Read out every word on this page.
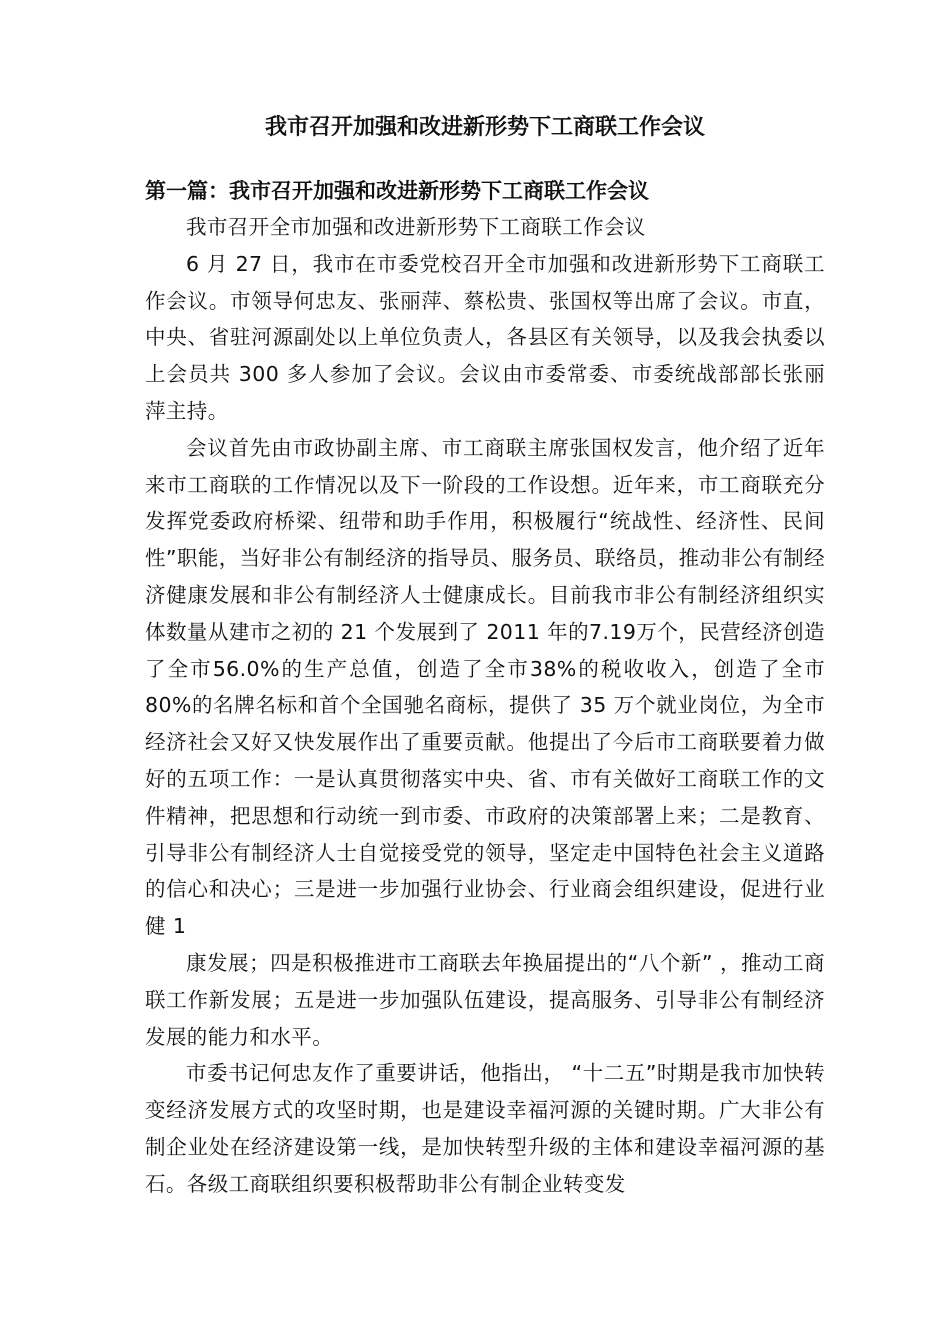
我市召开加强和改进新形势下工商联工作会议
第一篇：我市召开加强和改进新形势下工商联工作会议

我市召开全市加强和改进新形势下工商联工作会议

6 月 27 日，我市在市委党校召开全市加强和改进新形势下工商联工作会议。市领导何忠友、张丽萍、蔡松贵、张国权等出席了会议。市直，中央、省驻河源副处以上单位负责人，各县区有关领导，以及我会执委以上会员共 300 多人参加了会议。会议由市委常委、市委统战部部长张丽萍主持。

会议首先由市政协副主席、市工商联主席张国权发言，他介绍了近年来市工商联的工作情况以及下一阶段的工作设想。近年来，市工商联充分发挥党委政府桥梁、纽带和助手作用，积极履行“统战性、经济性、民间性”职能，当好非公有制经济的指导员、服务员、联络员，推动非公有制经济健康发展和非公有制经济人士健康成长。目前我市非公有制经济组织实体数量从建市之初的 21 个发展到了 2011 年的7.19万个，民营经济创造了全市56.0%的生产总值，创造了全市38%的税收收入，创造了全市 80%的名牌名标和首个全国驰名商标，提供了 35 万个就业岗位，为全市经济社会又好又快发展作出了重要贡献。他提出了今后市工商联要着力做好的五项工作：一是认真贯彻落实中央、省、市有关做好工商联工作的文件精神，把思想和行动统一到市委、市政府的决策部署上来；二是教育、引导非公有制经济人士自觉接受党的领导，坚定走中国特色社会主义道路的信心和决心；三是进一步加强行业协会、行业商会组织建设，促进行业健 1

康发展；四是积极推进市工商联去年换届提出的“八个新” ，推动工商联工作新发展；五是进一步加强队伍建设，提高服务、引导非公有制经济发展的能力和水平。

市委书记何忠友作了重要讲话，他指出， “十二五”时期是我市加快转变经济发展方式的攻坚时期，也是建设幸福河源的关键时期。广大非公有制企业处在经济建设第一线，是加快转型升级的主体和建设幸福河源的基石。各级工商联组织要积极帮助非公有制企业转变发
